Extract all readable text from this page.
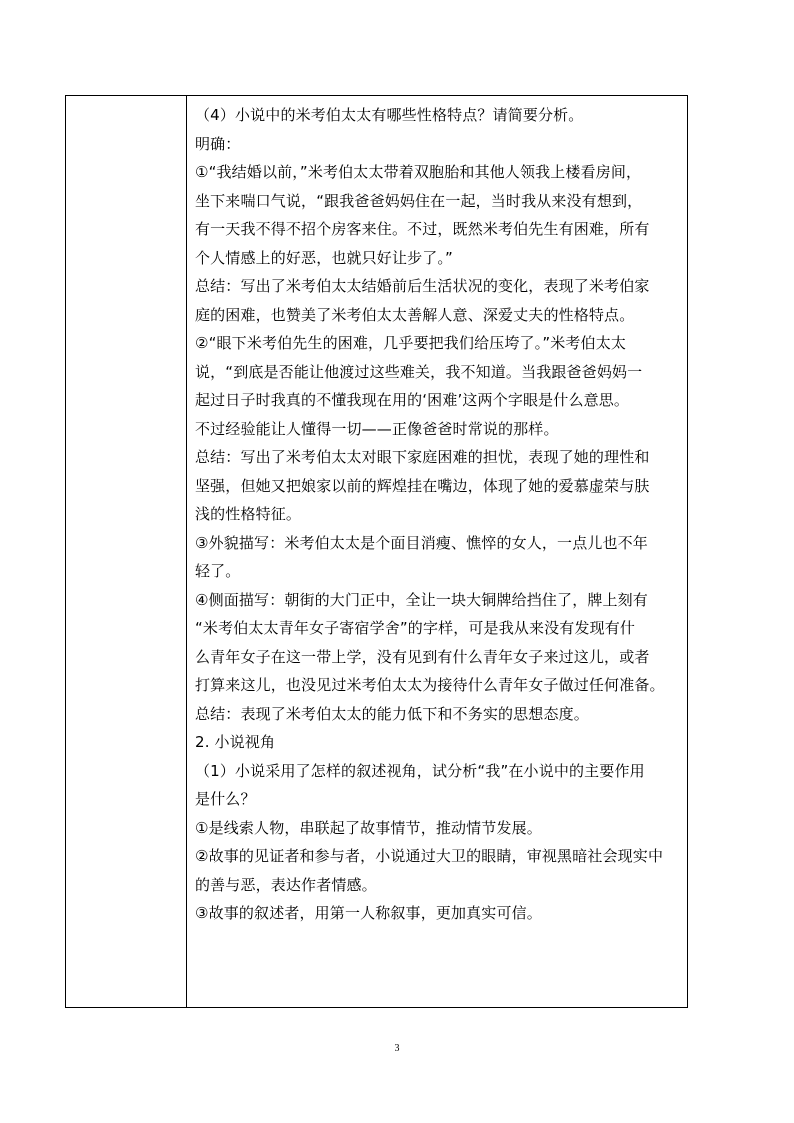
（4）小说中的米考伯太太有哪些性格特点？请简要分析。
明确：
①“我结婚以前，”米考伯太太带着双胞胎和其他人领我上楼看房间，
坐下来喘口气说，“跟我爸爸妈妈住在一起，当时我从来没有想到，
有一天我不得不招个房客来住。不过，既然米考伯先生有困难，所有
个人情感上的好恶，也就只好让步了。”
总结：写出了米考伯太太结婚前后生活状况的变化，表现了米考伯家
庭的困难，也赞美了米考伯太太善解人意、深爱丈夫的性格特点。
②“眼下米考伯先生的困难，几乎要把我们给压垮了。”米考伯太太
说，“到底是否能让他渡过这些难关，我不知道。当我跟爸爸妈妈一
起过日子时我真的不懂我现在用的‘困难’这两个字眼是什么意思。
不过经验能让人懂得一切——正像爸爸时常说的那样。
总结：写出了米考伯太太对眼下家庭困难的担忧，表现了她的理性和
坚强，但她又把娘家以前的辉煌挂在嘴边，体现了她的爱慕虚荣与肤
浅的性格特征。
③外貌描写：米考伯太太是个面目消瘦、憔悴的女人，一点儿也不年
轻了。
④侧面描写：朝街的大门正中，全让一块大铜牌给挡住了，牌上刻有
“米考伯太太青年女子寄宿学舍”的字样，可是我从来没有发现有什
么青年女子在这一带上学，没有见到有什么青年女子来过这儿，或者
打算来这儿，也没见过米考伯太太为接待什么青年女子做过任何准备。
总结：表现了米考伯太太的能力低下和不务实的思想态度。
2. 小说视角
（1）小说采用了怎样的叙述视角，试分析“我”在小说中的主要作用
是什么？
①是线索人物，串联起了故事情节，推动情节发展。
②故事的见证者和参与者，小说通过大卫的眼睛，审视黑暗社会现实中
的善与恶，表达作者情感。
③故事的叙述者，用第一人称叙事，更加真实可信。
3
